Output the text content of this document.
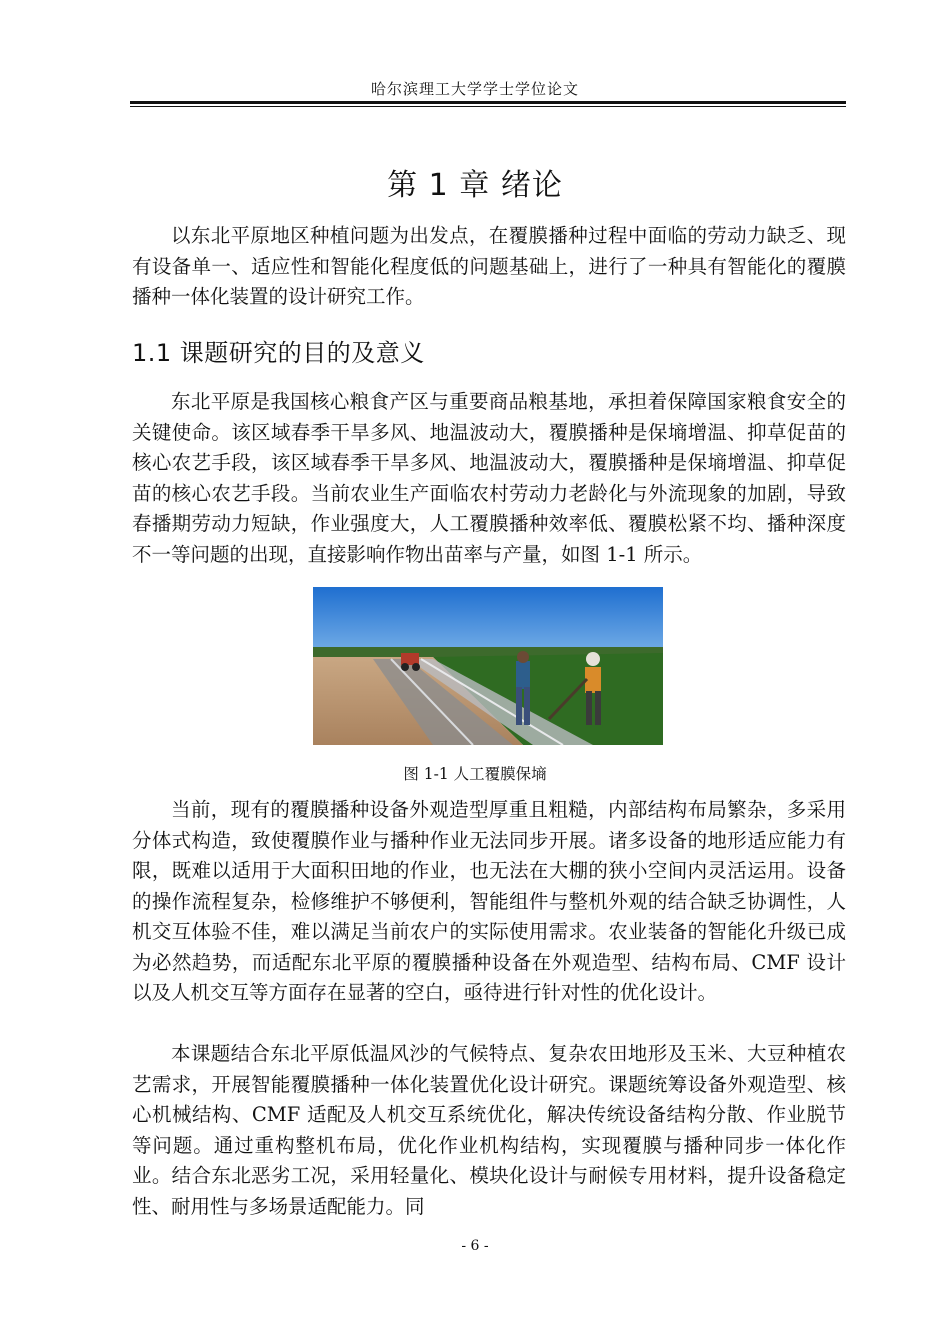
哈尔滨理工大学学士学位论文
第 1 章 绪论

以东北平原地区种植问题为出发点，在覆膜播种过程中面临的劳动力缺乏、现有设备单一、适应性和智能化程度低的问题基础上，进行了一种具有智能化的覆膜播种一体化装置的设计研究工作。

1.1 课题研究的目的及意义

东北平原是我国核心粮食产区与重要商品粮基地，承担着保障国家粮食安全的关键使命。该区域春季干旱多风、地温波动大，覆膜播种是保墒增温、抑草促苗的核心农艺手段，该区域春季干旱多风、地温波动大，覆膜播种是保墒增温、抑草促苗的核心农艺手段。当前农业生产面临农村劳动力老龄化与外流现象的加剧，导致春播期劳动力短缺，作业强度大，人工覆膜播种效率低、覆膜松紧不均、播种深度不一等问题的出现，直接影响作物出苗率与产量，如图 1-1 所示。

图 1-1 人工覆膜保墒

当前，现有的覆膜播种设备外观造型厚重且粗糙，内部结构布局繁杂，多采用分体式构造，致使覆膜作业与播种作业无法同步开展。诸多设备的地形适应能力有限，既难以适用于大面积田地的作业，也无法在大棚的狭小空间内灵活运用。设备的操作流程复杂，检修维护不够便利，智能组件与整机外观的结合缺乏协调性，人机交互体验不佳，难以满足当前农户的实际使用需求。农业装备的智能化升级已成为必然趋势，而适配东北平原的覆膜播种设备在外观造型、结构布局、CMF 设计以及人机交互等方面存在显著的空白，亟待进行针对性的优化设计。

本课题结合东北平原低温风沙的气候特点、复杂农田地形及玉米、大豆种植农艺需求，开展智能覆膜播种一体化装置优化设计研究。课题统筹设备外观造型、核心机械结构、CMF 适配及人机交互系统优化，解决传统设备结构分散、作业脱节等问题。通过重构整机布局，优化作业机构结构，实现覆膜与播种同步一体化作业。结合东北恶劣工况，采用轻量化、模块化设计与耐候专用材料，提升设备稳定性、耐用性与多场景适配能力。同

- 6 -
